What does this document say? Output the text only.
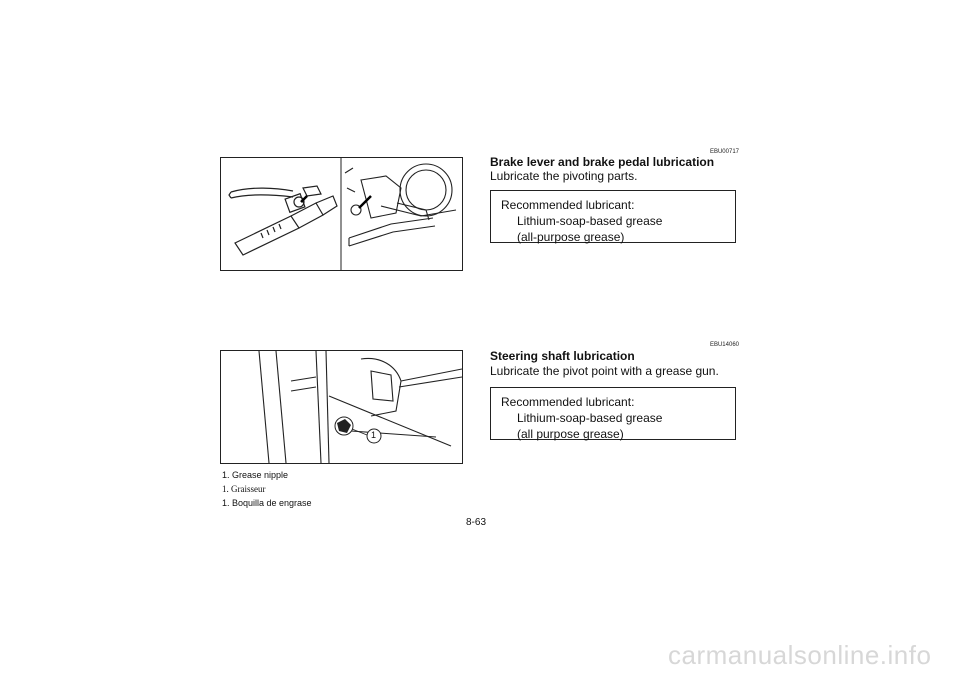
1
1. Grease nipple
1. Graisseur
1. Boquilla de engrase
EBU00717
Brake lever and brake pedal lubrication
Lubricate the pivoting parts.
Recommended lubricant:
Lithium-soap-based grease
(all-purpose grease)
EBU14060
Steering shaft lubrication
Lubricate the pivot point with a grease gun.
Recommended lubricant:
Lithium-soap-based grease
(all purpose grease)
8-63
carmanualsonline.info
